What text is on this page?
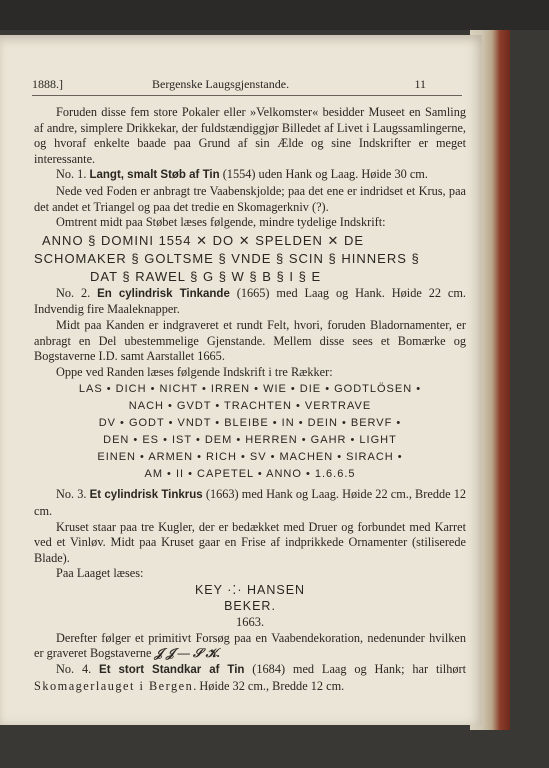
1888.]	Bergenske Laugsgjenstande.	11

Foruden disse fem store Pokaler eller »Velkomster« besidder Museet en Samling af andre, simplere Drikkekar, der fuldstændiggjør Billedet af Livet i Laugssamlingerne, og hvoraf enkelte baade paa Grund af sin Ælde og sine Indskrifter er meget interessante.

No. 1. Langt, smalt Støb af Tin (1554) uden Hank og Laag. Høide 30 cm.

Nede ved Foden er anbragt tre Vaabenskjolde; paa det ene er indridset et Krus, paa det andet et Triangel og paa det tredie en Skomagerkniv (?).

Omtrent midt paa Støbet læses følgende, mindre tydelige Indskrift:

ANNO § DOMINI 1554 ✕ DO ✕ SPELDEN ✕ DE
SCHOMAKER § GOLTSME § VNDE § SCIN § HINNERS §
DAT § RAWEL § G § W § B § I § E

No. 2. En cylindrisk Tinkande (1665) med Laag og Hank. Høide 22 cm. Indvendig fire Maaleknapper.

Midt paa Kanden er indgraveret et rundt Felt, hvori, foruden Bladornamenter, er anbragt en Del ubestemmelige Gjenstande. Mellem disse sees et Bomærke og Bogstaverne I.D. samt Aarstallet 1665.

Oppe ved Randen læses følgende Indskrift i tre Rækker:

LAS • DICH • NICHT • IRREN • WIE • DIE • GODTLÖSEN •
NACH • GVDT • TRACHTEN • VERTRAVE
DV • GODT • VNDT • BLEIBE • IN • DEIN • BERVF •
DEN • ES • IST • DEM • HERREN • GAHR • LIGHT
EINEN • ARMEN • RICH • SV • MACHEN • SIRACH •
AM • II • CAPETEL • ANNO • 1.6.6.5

No. 3. Et cylindrisk Tinkrus (1663) med Hank og Laag. Høide 22 cm., Bredde 12 cm.

Kruset staar paa tre Kugler, der er bedækket med Druer og forbundet med Karret ved et Vinløv. Midt paa Kruset gaar en Frise af indprikkede Ornamenter (stiliserede Blade).

Paa Laaget læses:

KEY ·⁚· HANSEN
BEKER.
1663.

Derefter følger et primitivt Forsøg paa en Vaabendekoration, nedenunder hvilken er graveret Bogstaverne 𝒥 𝒥 — 𝒮 𝒦.

No. 4. Et stort Standkar af Tin (1684) med Laag og Hank; har tilhørt Skomagerlauget i Bergen. Høide 32 cm., Bredde 12 cm.
